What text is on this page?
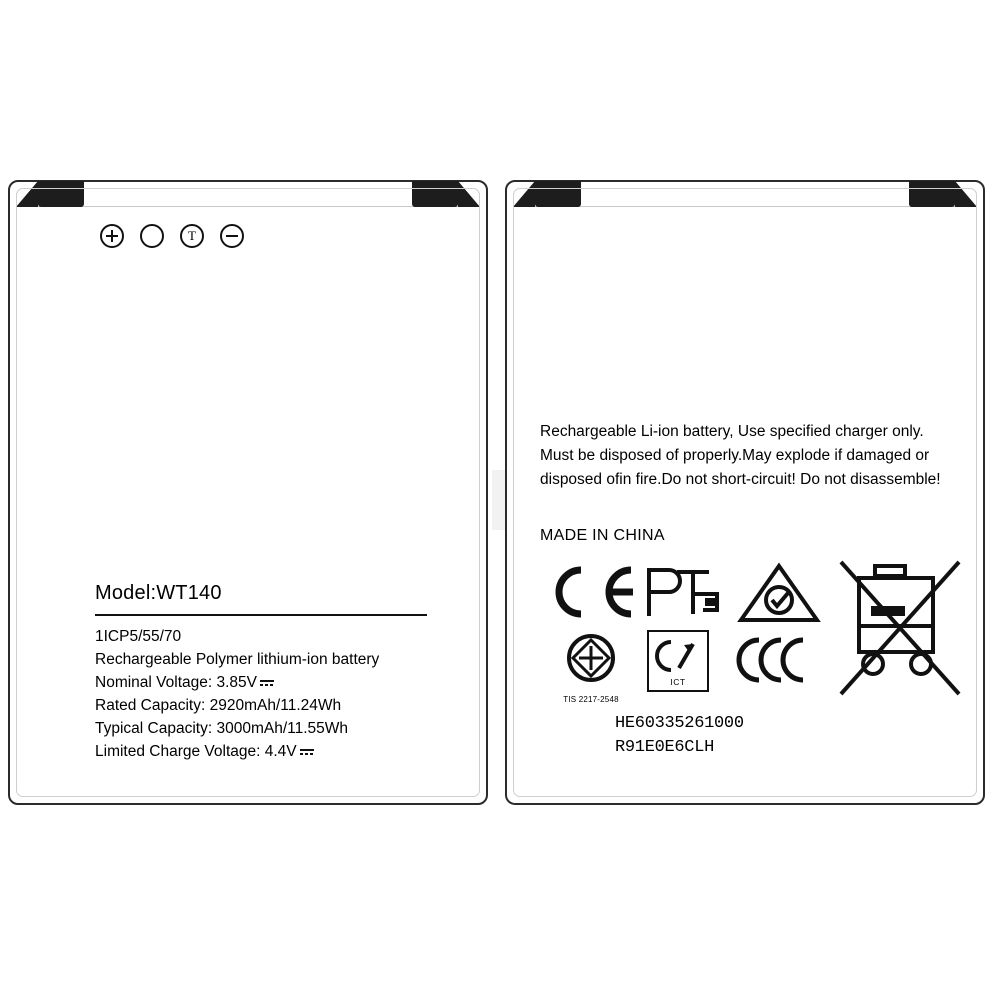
T
Model:WT140
1ICP5/55/70
Rechargeable Polymer lithium-ion battery
Nominal Voltage: 3.85V
Rated Capacity: 2920mAh/11.24Wh
Typical Capacity: 3000mAh/11.55Wh
Limited Charge Voltage: 4.4V
Rechargeable Li-ion battery, Use specified charger only. Must be disposed of properly.May explode if damaged or disposed ofin fire.Do not short-circuit! Do not disassemble!
MADE IN CHINA
TIS 2217-2548
ICT
HE60335261000
R91E0E6CLH
